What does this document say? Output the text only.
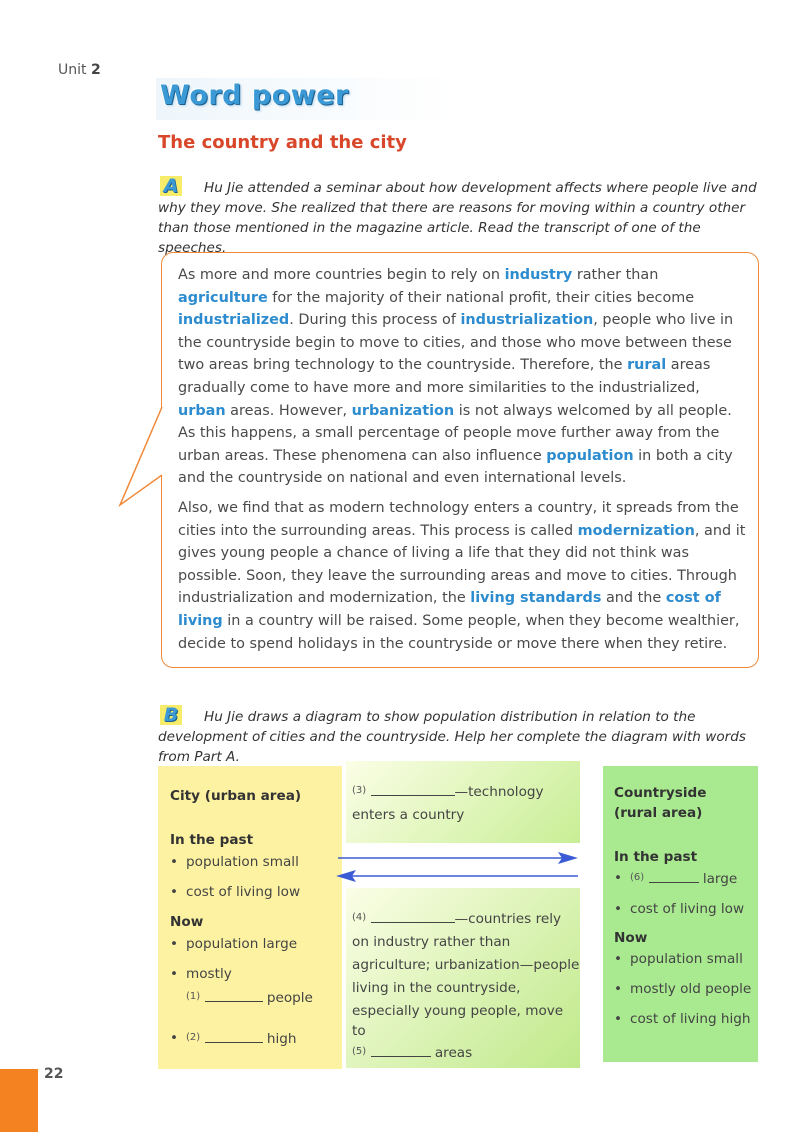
Unit 2
Word power
The country and the city
A	Hu Jie attended a seminar about how development affects where people live and why they move. She realized that there are reasons for moving within a country other than those mentioned in the magazine article. Read the transcript of one of the speeches.

As more and more countries begin to rely on industry rather than agriculture for the majority of their national profit, their cities become industrialized. During this process of industrialization, people who live in the countryside begin to move to cities, and those who move between these two areas bring technology to the countryside. Therefore, the rural areas gradually come to have more and more similarities to the industrialized, urban areas. However, urbanization is not always welcomed by all people. As this happens, a small percentage of people move further away from the urban areas. These phenomena can also influence population in both a city and the countryside on national and even international levels.

Also, we find that as modern technology enters a country, it spreads from the cities into the surrounding areas. This process is called modernization, and it gives young people a chance of living a life that they did not think was possible. Soon, they leave the surrounding areas and move to cities. Through industrialization and modernization, the living standards and the cost of living in a country will be raised. Some people, when they become wealthier, decide to spend holidays in the countryside or move there when they retire.

B	Hu Jie draws a diagram to show population distribution in relation to the development of cities and the countryside. Help her complete the diagram with words from Part A.
City (urban area)
In the past
• population small
• cost of living low
Now
• population large
• mostly
$^{(1)}$	people
• $^{(2)}$	high
$^{(3)}$	—technology
enters a country
$^{(4)}$	—countries rely
on industry rather than
agriculture; urbanization—people
living in the countryside,
especially young people, move to
$^{(5)}$	areas
Countryside
(rural area)
In the past
• $^{(6)}$	large
• cost of living low
Now
• population small
• mostly old people
• cost of living high
22
